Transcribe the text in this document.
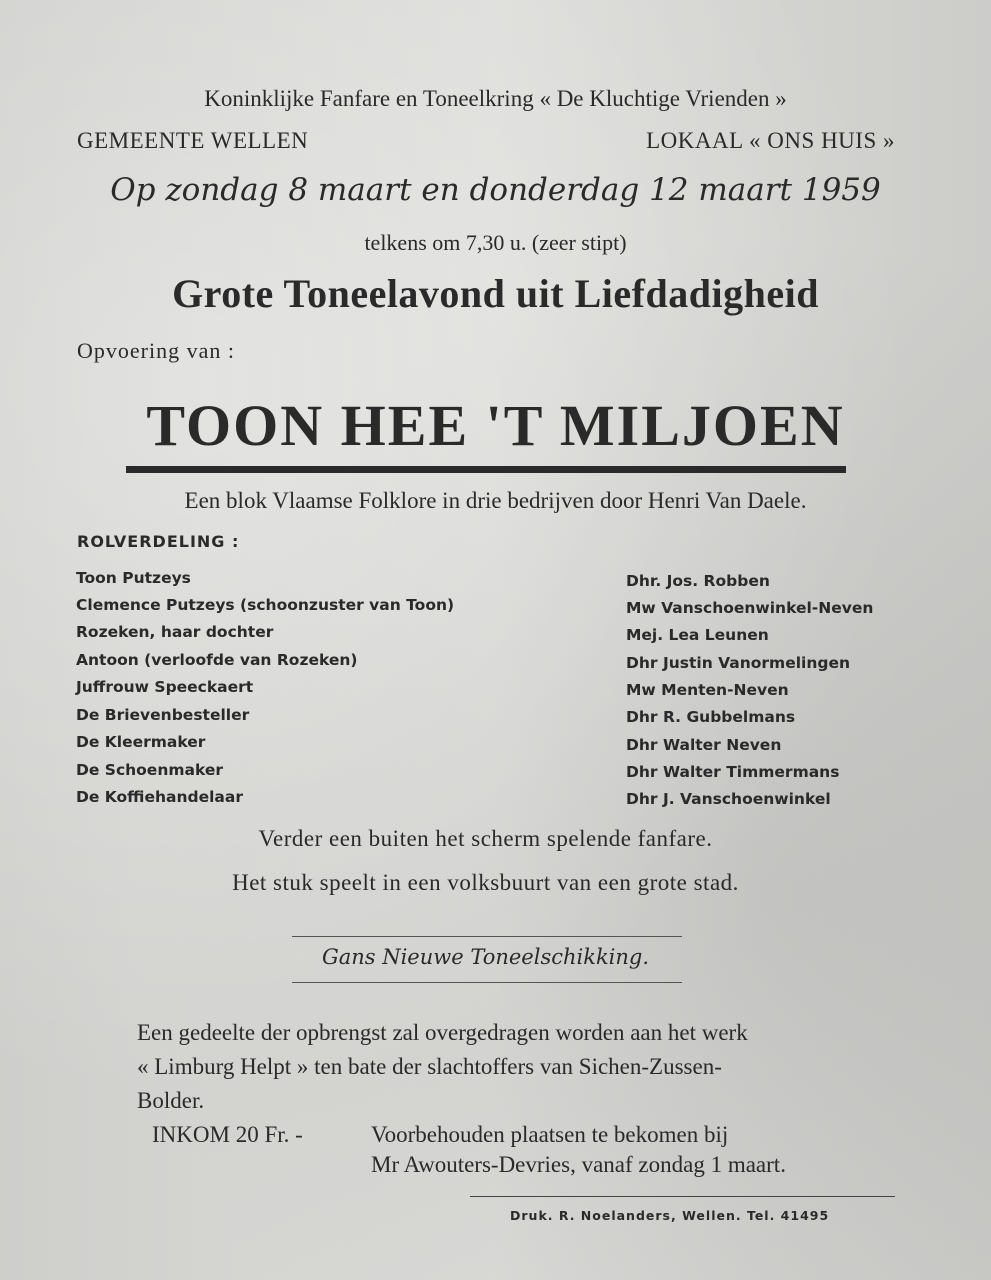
Koninklijke Fanfare en Toneelkring « De Kluchtige Vrienden »
GEMEENTE WELLEN	LOKAAL « ONS HUIS »
Op zondag 8 maart en donderdag 12 maart 1959
telkens om 7,30 u. (zeer stipt)
Grote Toneelavond uit Liefdadigheid
Opvoering van :
TOON HEE 'T MILJOEN
Een blok Vlaamse Folklore in drie bedrijven door Henri Van Daele.
ROLVERDELING :
Toon Putzeys	Dhr. Jos. Robben
Clemence Putzeys (schoonzuster van Toon)	Mw Vanschoenwinkel-Neven
Rozeken, haar dochter	Mej. Lea Leunen
Antoon (verloofde van Rozeken)	Dhr Justin Vanormelingen
Juffrouw Speeckaert	Mw Menten-Neven
De Brievenbesteller	Dhr R. Gubbelmans
De Kleermaker	Dhr Walter Neven
De Schoenmaker	Dhr Walter Timmermans
De Koffiehandelaar	Dhr J. Vanschoenwinkel
Verder een buiten het scherm spelende fanfare.
Het stuk speelt in een volksbuurt van een grote stad.
Gans Nieuwe Toneelschikking.
Een gedeelte der opbrengst zal overgedragen worden aan het werk
« Limburg Helpt » ten bate der slachtoffers van Sichen-Zussen-
Bolder.
INKOM 20 Fr. -	Voorbehouden plaatsen te bekomen bij
Mr Awouters-Devries, vanaf zondag 1 maart.
Druk. R. Noelanders, Wellen. Tel. 41495
